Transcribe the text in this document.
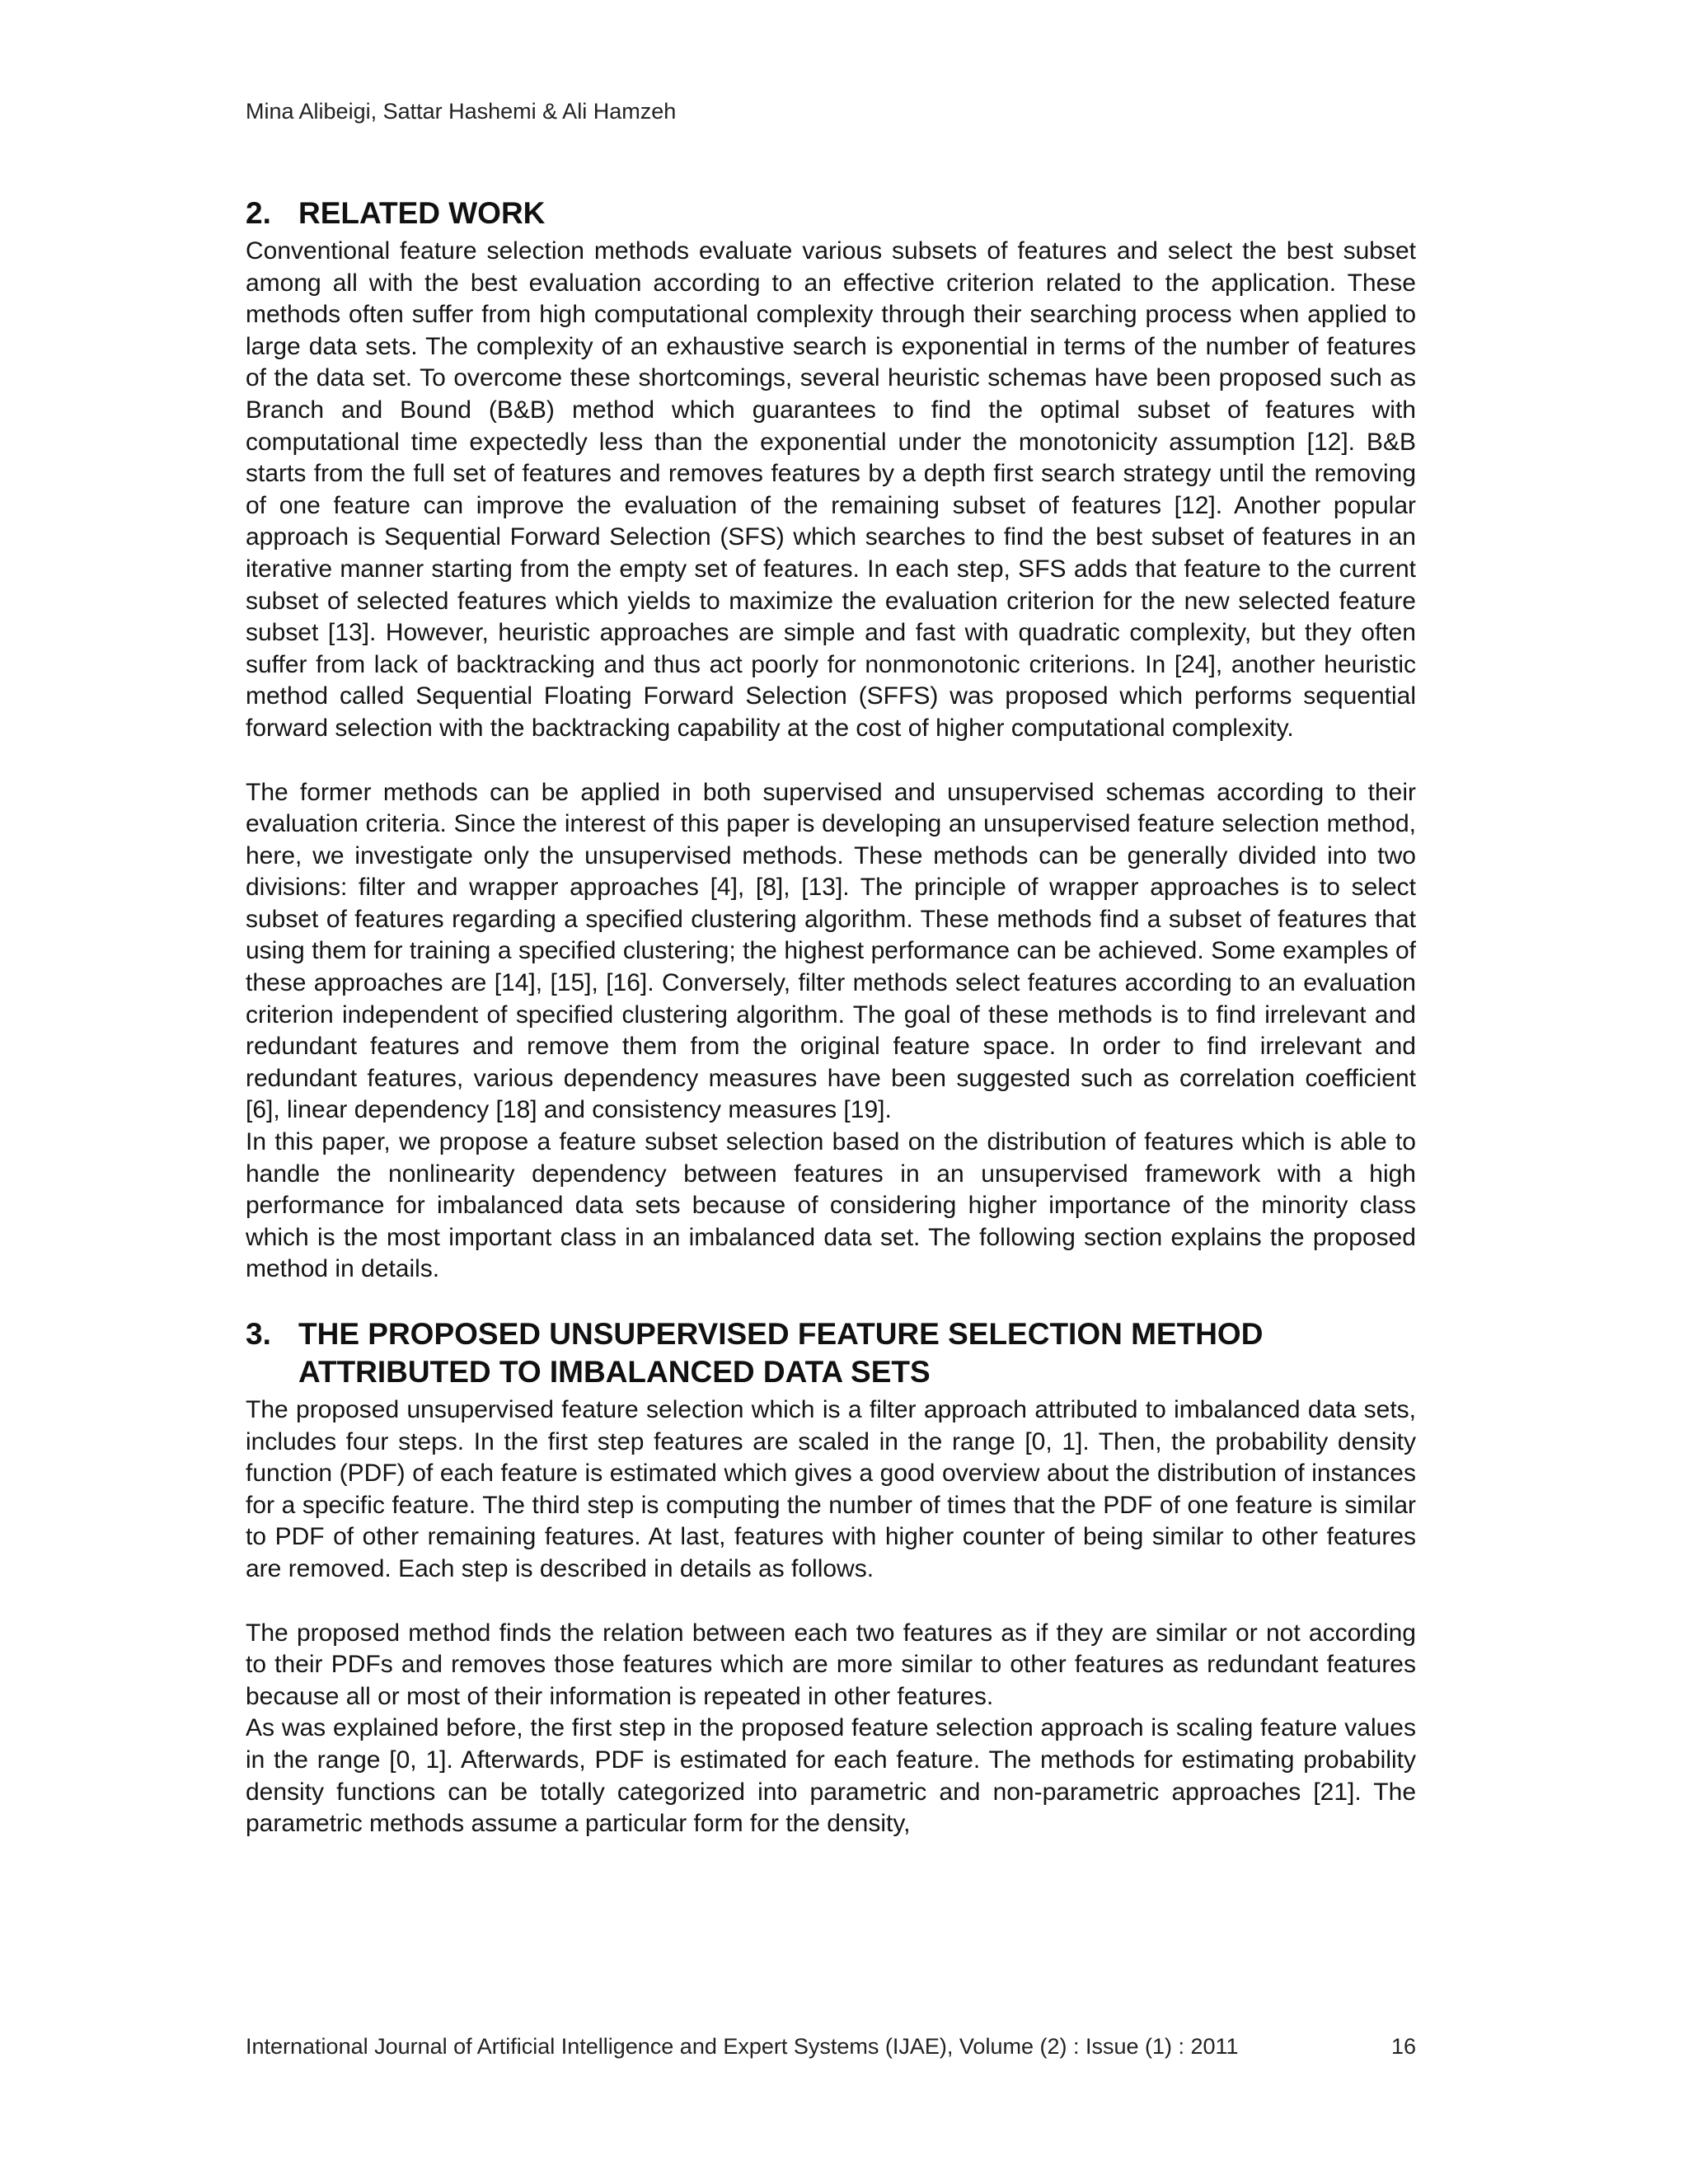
Mina Alibeigi, Sattar Hashemi & Ali Hamzeh
2. RELATED WORK

Conventional feature selection methods evaluate various subsets of features and select the best subset among all with the best evaluation according to an effective criterion related to the application. These methods often suffer from high computational complexity through their searching process when applied to large data sets. The complexity of an exhaustive search is exponential in terms of the number of features of the data set. To overcome these shortcomings, several heuristic schemas have been proposed such as Branch and Bound (B&B) method which guarantees to find the optimal subset of features with computational time expectedly less than the exponential under the monotonicity assumption [12]. B&B starts from the full set of features and removes features by a depth first search strategy until the removing of one feature can improve the evaluation of the remaining subset of features [12]. Another popular approach is Sequential Forward Selection (SFS) which searches to find the best subset of features in an iterative manner starting from the empty set of features. In each step, SFS adds that feature to the current subset of selected features which yields to maximize the evaluation criterion for the new selected feature subset [13]. However, heuristic approaches are simple and fast with quadratic complexity, but they often suffer from lack of backtracking and thus act poorly for nonmonotonic criterions. In [24], another heuristic method called Sequential Floating Forward Selection (SFFS) was proposed which performs sequential forward selection with the backtracking capability at the cost of higher computational complexity.

The former methods can be applied in both supervised and unsupervised schemas according to their evaluation criteria. Since the interest of this paper is developing an unsupervised feature selection method, here, we investigate only the unsupervised methods. These methods can be generally divided into two divisions: filter and wrapper approaches [4], [8], [13]. The principle of wrapper approaches is to select subset of features regarding a specified clustering algorithm. These methods find a subset of features that using them for training a specified clustering; the highest performance can be achieved. Some examples of these approaches are [14], [15], [16]. Conversely, filter methods select features according to an evaluation criterion independent of specified clustering algorithm. The goal of these methods is to find irrelevant and redundant features and remove them from the original feature space. In order to find irrelevant and redundant features, various dependency measures have been suggested such as correlation coefficient [6], linear dependency [18] and consistency measures [19].

In this paper, we propose a feature subset selection based on the distribution of features which is able to handle the nonlinearity dependency between features in an unsupervised framework with a high performance for imbalanced data sets because of considering higher importance of the minority class which is the most important class in an imbalanced data set. The following section explains the proposed method in details.

3. THE PROPOSED UNSUPERVISED FEATURE SELECTION METHOD
ATTRIBUTED TO IMBALANCED DATA SETS

The proposed unsupervised feature selection which is a filter approach attributed to imbalanced data sets, includes four steps. In the first step features are scaled in the range [0, 1]. Then, the probability density function (PDF) of each feature is estimated which gives a good overview about the distribution of instances for a specific feature. The third step is computing the number of times that the PDF of one feature is similar to PDF of other remaining features. At last, features with higher counter of being similar to other features are removed. Each step is described in details as follows.

The proposed method finds the relation between each two features as if they are similar or not according to their PDFs and removes those features which are more similar to other features as redundant features because all or most of their information is repeated in other features.

As was explained before, the first step in the proposed feature selection approach is scaling feature values in the range [0, 1]. Afterwards, PDF is estimated for each feature. The methods for estimating probability density functions can be totally categorized into parametric and non-parametric approaches [21]. The parametric methods assume a particular form for the density,

International Journal of Artificial Intelligence and Expert Systems (IJAE), Volume (2) : Issue (1) : 2011	16
